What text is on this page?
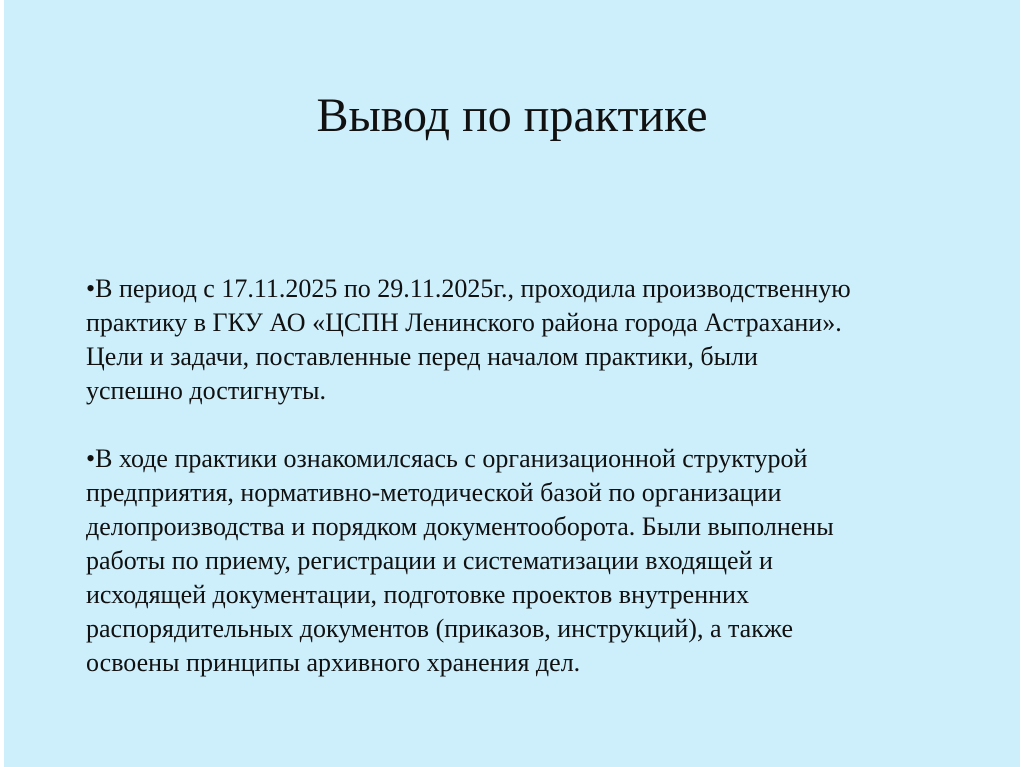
Вывод по практике

•В период с 17.11.2025 по 29.11.2025г., проходила производственную
практику в ГКУ АО «ЦСПН Ленинского района города Астрахани».
Цели и задачи, поставленные перед началом практики, были
успешно достигнуты.

•В ходе практики ознакомилсяась с организационной структурой
предприятия, нормативно-методической базой по организации
делопроизводства и порядком документооборота. Были выполнены
работы по приему, регистрации и систематизации входящей и
исходящей документации, подготовке проектов внутренних
распорядительных документов (приказов, инструкций), а также
освоены принципы архивного хранения дел.
